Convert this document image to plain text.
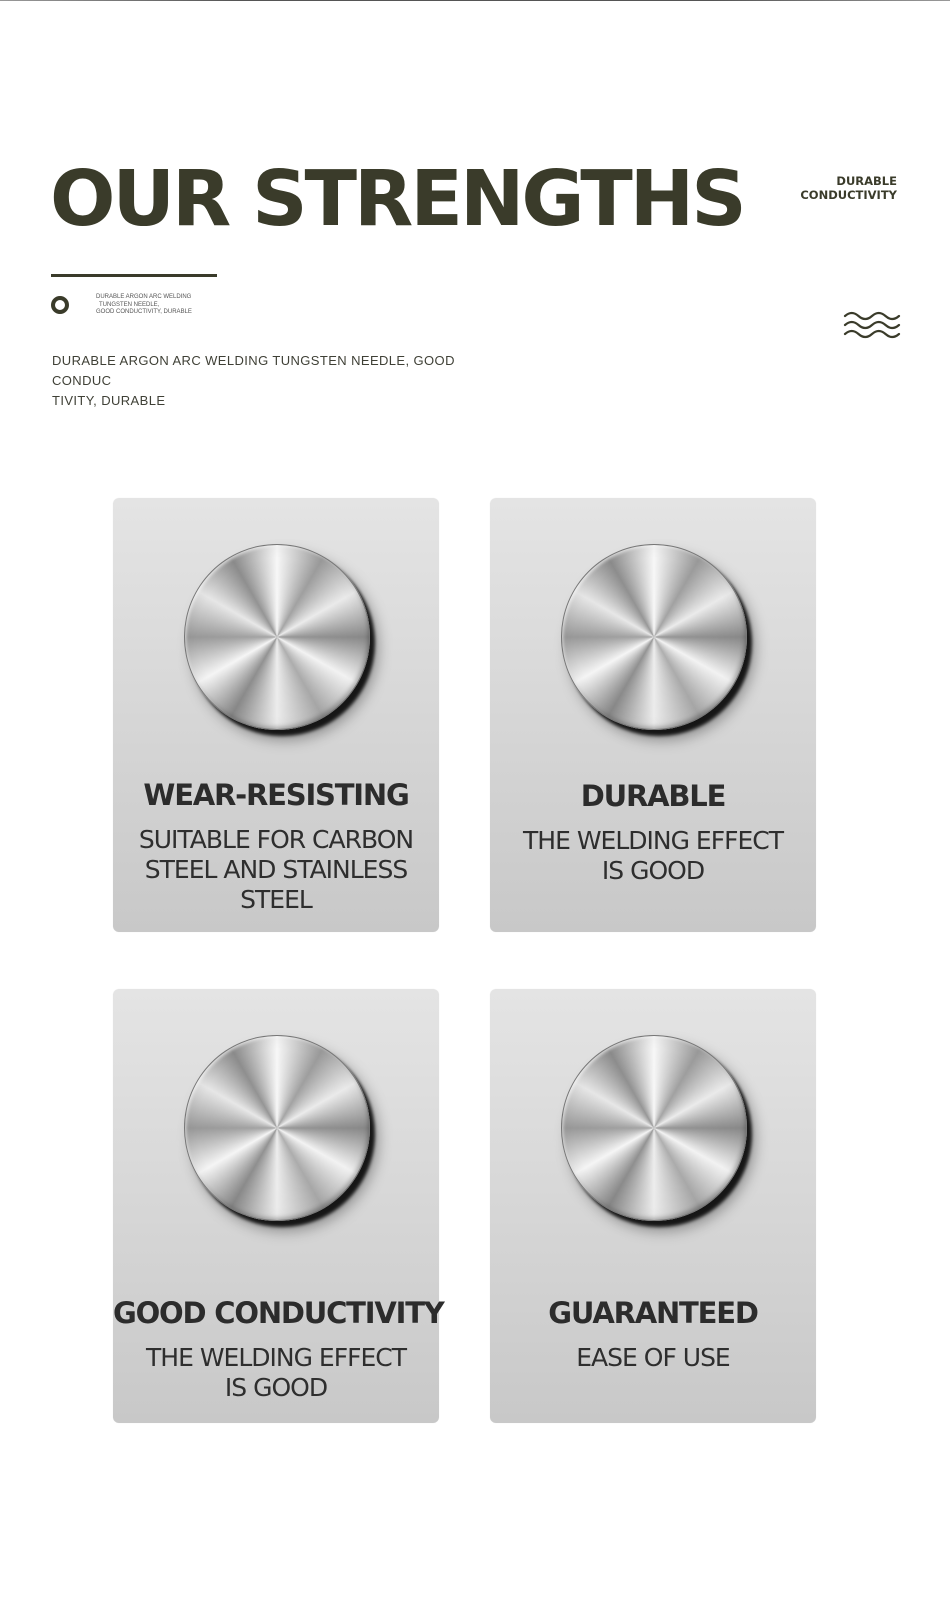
OUR STRENGTHS	DURABLE
CONDUCTIVITY
DURABLE ARGON ARC WELDING
TUNGSTEN NEEDLE,
GOOD CONDUCTIVITY, DURABLE
DURABLE ARGON ARC WELDING TUNGSTEN NEEDLE, GOOD CONDUC
TIVITY, DURABLE
WEAR-RESISTING
SUITABLE FOR CARBON
STEEL AND STAINLESS
STEEL
DURABLE
THE WELDING EFFECT
IS GOOD
GOOD CONDUCTIVITY
THE WELDING EFFECT
IS GOOD
GUARANTEED
EASE OF USE
